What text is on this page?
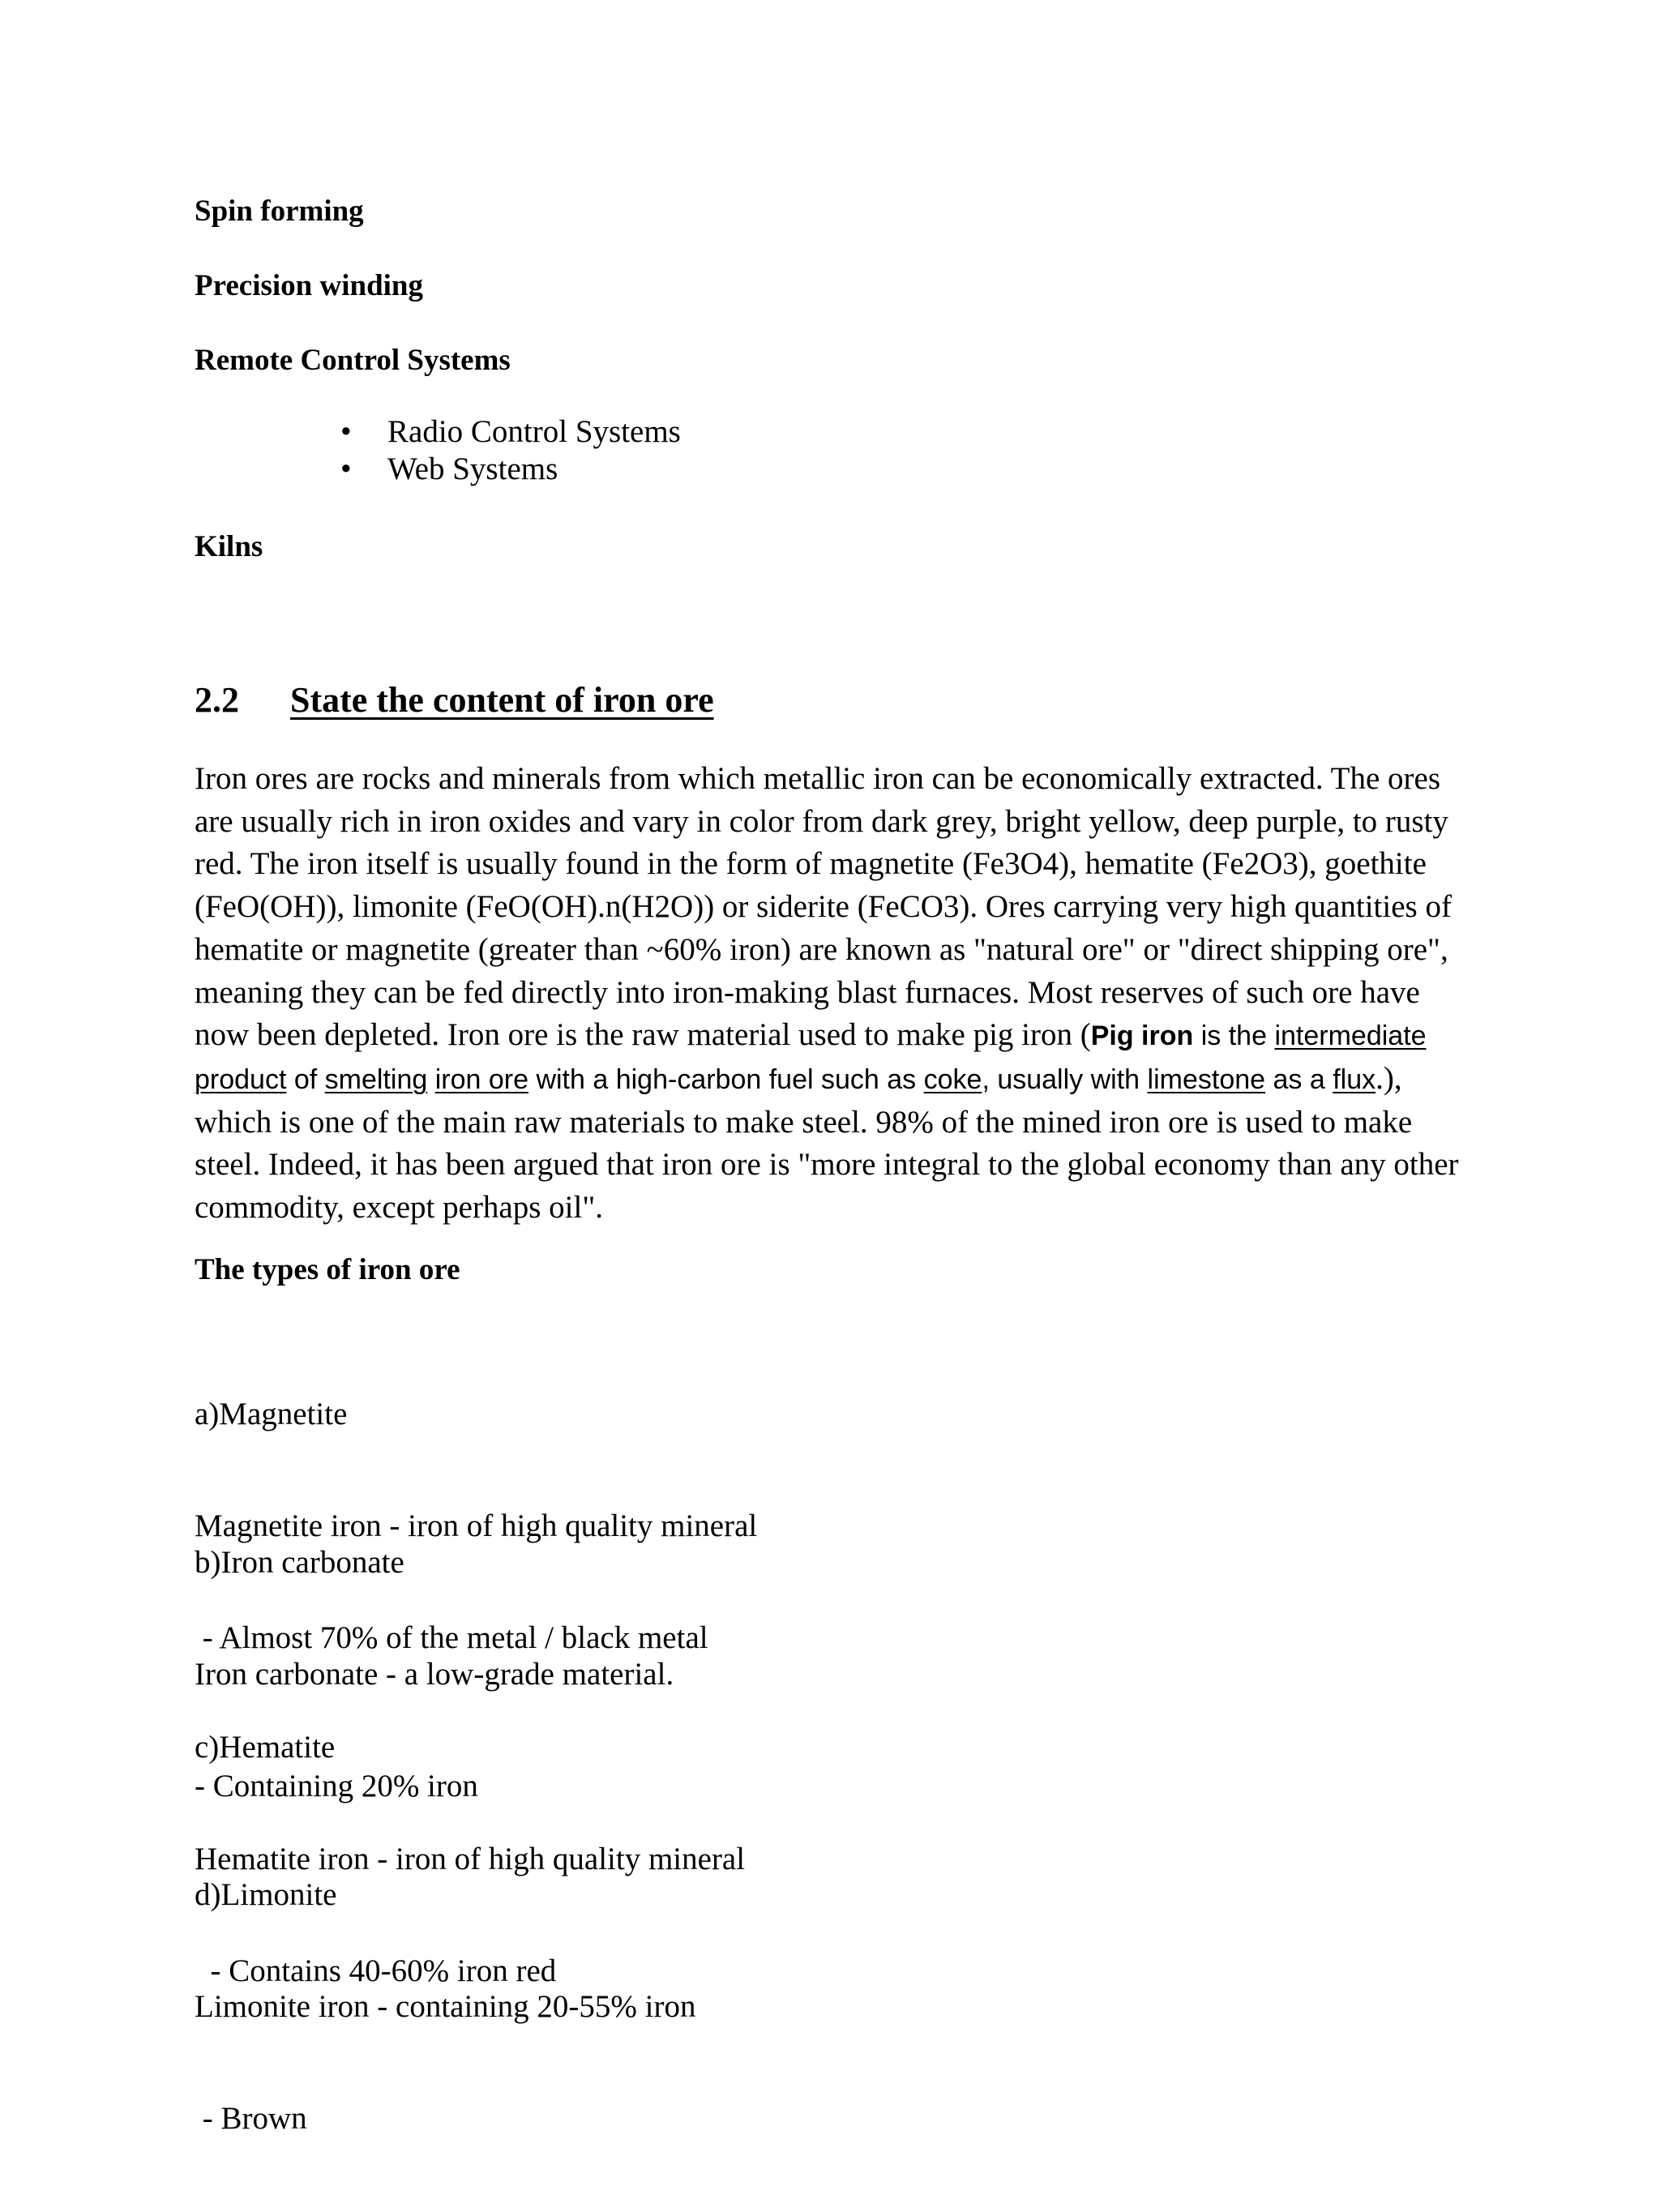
Spin forming

Precision winding

Remote Control Systems

• Radio Control Systems
• Web Systems

Kilns

2.2 State the content of iron ore

Iron ores are rocks and minerals from which metallic iron can be economically extracted. The ores are usually rich in iron oxides and vary in color from dark grey, bright yellow, deep purple, to rusty red. The iron itself is usually found in the form of magnetite (Fe3O4), hematite (Fe2O3), goethite (FeO(OH)), limonite (FeO(OH).n(H2O)) or siderite (FeCO3). Ores carrying very high quantities of hematite or magnetite (greater than ~60% iron) are known as "natural ore" or "direct shipping ore", meaning they can be fed directly into iron-making blast furnaces. Most reserves of such ore have now been depleted. Iron ore is the raw material used to make pig iron (Pig iron is the intermediate product of smelting iron ore with a high-carbon fuel such as coke, usually with limestone as a flux.), which is one of the main raw materials to make steel. 98% of the mined iron ore is used to make steel. Indeed, it has been argued that iron ore is "more integral to the global economy than any other commodity, except perhaps oil".

The types of iron ore

a)Magnetite

Magnetite iron - iron of high quality mineral

- Almost 70% of the metal / black metal

b)Iron carbonate

Iron carbonate - a low-grade material.

- Containing 20% iron

c)Hematite

Hematite iron - iron of high quality mineral

- Contains 40-60% iron red

d)Limonite

Limonite iron - containing 20-55% iron

- Brown
